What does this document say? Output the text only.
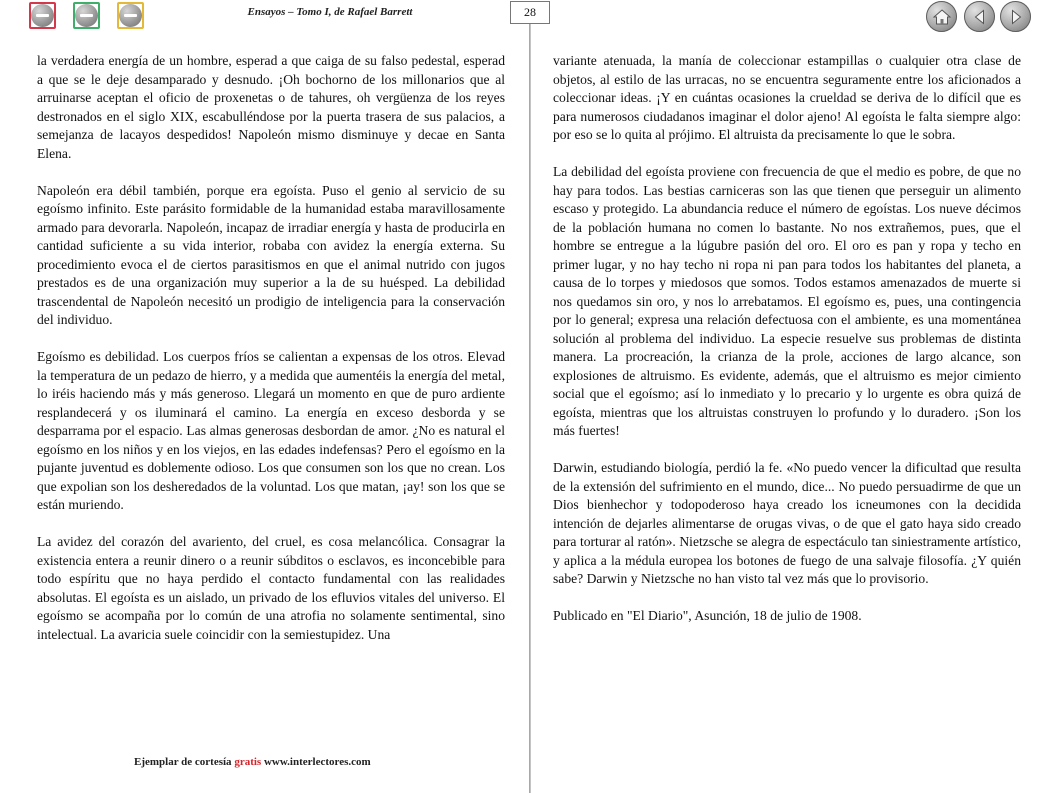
Ensayos – Tomo I, de Rafael Barrett	28

la verdadera energía de un hombre, esperad a que caiga de su falso pedestal, esperad a que se le deje desamparado y desnudo. ¡Oh bochorno de los millonarios que al arruinarse aceptan el oficio de proxenetas o de tahures, oh vergüenza de los reyes destronados en el siglo XIX, escabulléndose por la puerta trasera de sus palacios, a semejanza de lacayos despedidos! Napoleón mismo disminuye y decae en Santa Elena.

Napoleón era débil también, porque era egoísta. Puso el genio al servicio de su egoísmo infinito. Este parásito formidable de la humanidad estaba maravillosamente armado para devorarla. Napoleón, incapaz de irradiar energía y hasta de producirla en cantidad suficiente a su vida interior, robaba con avidez la energía externa. Su procedimiento evoca el de ciertos parasitismos en que el animal nutrido con jugos prestados es de una organización muy superior a la de su huésped. La debilidad trascendental de Napoleón necesitó un prodigio de inteligencia para la conservación del individuo.

Egoísmo es debilidad. Los cuerpos fríos se calientan a expensas de los otros. Elevad la temperatura de un pedazo de hierro, y a medida que aumentéis la energía del metal, lo iréis haciendo más y más generoso. Llegará un momento en que de puro ardiente resplandecerá y os iluminará el camino. La energía en exceso desborda y se desparrama por el espacio. Las almas generosas desbordan de amor. ¿No es natural el egoísmo en los niños y en los viejos, en las edades indefensas? Pero el egoísmo en la pujante juventud es doblemente odioso. Los que consumen son los que no crean. Los que expolian son los desheredados de la voluntad. Los que matan, ¡ay! son los que se están muriendo.

La avidez del corazón del avariento, del cruel, es cosa melancólica. Consagrar la existencia entera a reunir dinero o a reunir súbditos o esclavos, es inconcebible para todo espíritu que no haya perdido el contacto fundamental con las realidades absolutas. El egoísta es un aislado, un privado de los efluvios vitales del universo. El egoísmo se acompaña por lo común de una atrofia no solamente sentimental, sino intelectual. La avaricia suele coincidir con la semiestupidez. Una

variante atenuada, la manía de coleccionar estampillas o cualquier otra clase de objetos, al estilo de las urracas, no se encuentra seguramente entre los aficionados a coleccionar ideas. ¡Y en cuántas ocasiones la crueldad se deriva de lo difícil que es para numerosos ciudadanos imaginar el dolor ajeno! Al egoísta le falta siempre algo: por eso se lo quita al prójimo. El altruista da precisamente lo que le sobra.

La debilidad del egoísta proviene con frecuencia de que el medio es pobre, de que no hay para todos. Las bestias carniceras son las que tienen que perseguir un alimento escaso y protegido. La abundancia reduce el número de egoístas. Los nueve décimos de la población humana no comen lo bastante. No nos extrañemos, pues, que el hombre se entregue a la lúgubre pasión del oro. El oro es pan y ropa y techo en primer lugar, y no hay techo ni ropa ni pan para todos los habitantes del planeta, a causa de lo torpes y miedosos que somos. Todos estamos amenazados de muerte si nos quedamos sin oro, y nos lo arrebatamos. El egoísmo es, pues, una contingencia por lo general; expresa una relación defectuosa con el ambiente, es una momentánea solución al problema del individuo. La especie resuelve sus problemas de distinta manera. La procreación, la crianza de la prole, acciones de largo alcance, son explosiones de altruismo. Es evidente, además, que el altruismo es mejor cimiento social que el egoísmo; así lo inmediato y lo precario y lo urgente es obra quizá de egoísta, mientras que los altruistas construyen lo profundo y lo duradero. ¡Son los más fuertes!

Darwin, estudiando biología, perdió la fe. «No puedo vencer la dificultad que resulta de la extensión del sufrimiento en el mundo, dice... No puedo persuadirme de que un Dios bienhechor y todopoderoso haya creado los icneumones con la decidida intención de dejarles alimentarse de orugas vivas, o de que el gato haya sido creado para torturar al ratón». Nietzsche se alegra de espectáculo tan siniestramente artístico, y aplica a la médula europea los botones de fuego de una salvaje filosofía. ¿Y quién sabe? Darwin y Nietzsche no han visto tal vez más que lo provisorio.

Publicado en "El Diario", Asunción, 18 de julio de 1908.

Ejemplar de cortesía gratis www.interlectores.com
